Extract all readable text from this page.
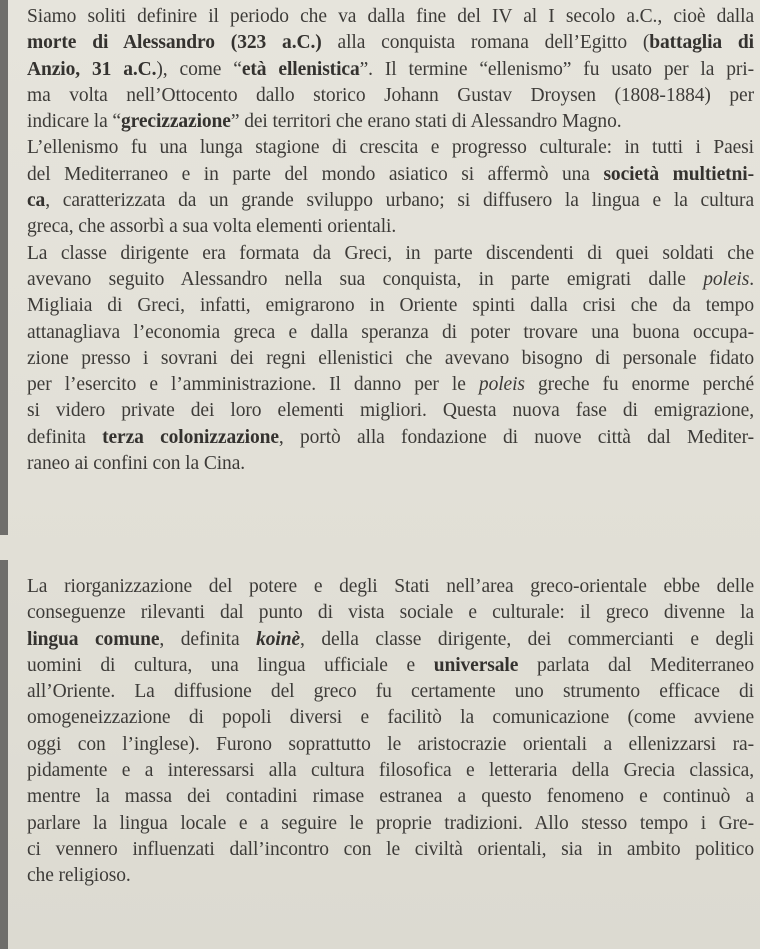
Siamo soliti definire il periodo che va dalla fine del IV al I secolo a.C., cioè dalla
morte di Alessandro (323 a.C.) alla conquista romana dell’Egitto (battaglia di
Anzio, 31 a.C.), come “età ellenistica”. Il termine “ellenismo” fu usato per la pri-
ma volta nell’Ottocento dallo storico Johann Gustav Droysen (1808-1884) per
indicare la “grecizzazione” dei territori che erano stati di Alessandro Magno.
L’ellenismo fu una lunga stagione di crescita e progresso culturale: in tutti i Paesi
del Mediterraneo e in parte del mondo asiatico si affermò una società multietni-
ca, caratterizzata da un grande sviluppo urbano; si diffusero la lingua e la cultura
greca, che assorbì a sua volta elementi orientali.
La classe dirigente era formata da Greci, in parte discendenti di quei soldati che
avevano seguito Alessandro nella sua conquista, in parte emigrati dalle poleis.
Migliaia di Greci, infatti, emigrarono in Oriente spinti dalla crisi che da tempo
attanagliava l’economia greca e dalla speranza di poter trovare una buona occupa-
zione presso i sovrani dei regni ellenistici che avevano bisogno di personale fidato
per l’esercito e l’amministrazione. Il danno per le poleis greche fu enorme perché
si videro private dei loro elementi migliori. Questa nuova fase di emigrazione,
definita terza colonizzazione, portò alla fondazione di nuove città dal Mediter-
raneo ai confini con la Cina.
La riorganizzazione del potere e degli Stati nell’area greco-orientale ebbe delle
conseguenze rilevanti dal punto di vista sociale e culturale: il greco divenne la
lingua comune, definita koinè, della classe dirigente, dei commercianti e degli
uomini di cultura, una lingua ufficiale e universale parlata dal Mediterraneo
all’Oriente. La diffusione del greco fu certamente uno strumento efficace di
omogeneizzazione di popoli diversi e facilitò la comunicazione (come avviene
oggi con l’inglese). Furono soprattutto le aristocrazie orientali a ellenizzarsi ra-
pidamente e a interessarsi alla cultura filosofica e letteraria della Grecia classica,
mentre la massa dei contadini rimase estranea a questo fenomeno e continuò a
parlare la lingua locale e a seguire le proprie tradizioni. Allo stesso tempo i Gre-
ci vennero influenzati dall’incontro con le civiltà orientali, sia in ambito politico
che religioso.
